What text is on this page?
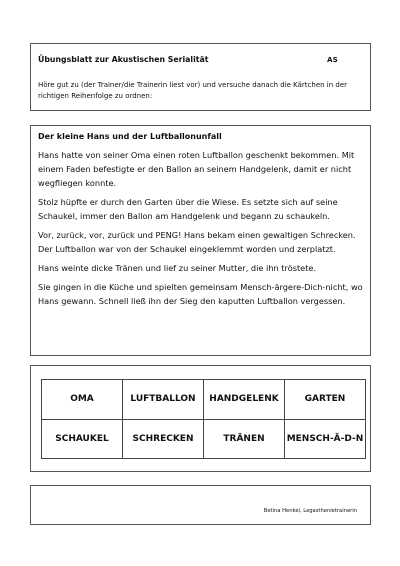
Übungsblatt zur Akustischen Serialität	AS
Höre gut zu (der Trainer/die Trainerin liest vor) und versuche danach die Kärtchen in der richtigen Reihenfolge zu ordnen:
Der kleine Hans und der Luftballonunfall

Hans hatte von seiner Oma einen roten Luftballon geschenkt bekommen. Mit einem Faden befestigte er den Ballon an seinem Handgelenk, damit er nicht wegfliegen konnte.

Stolz hüpfte er durch den Garten über die Wiese. Es setzte sich auf seine Schaukel, immer den Ballon am Handgelenk und begann zu schaukeln.

Vor, zurück, vor, zurück und PENG! Hans bekam einen gewaltigen Schrecken. Der Luftballon war von der Schaukel eingeklemmt worden und zerplatzt.

Hans weinte dicke Tränen und lief zu seiner Mutter, die ihn tröstete.

Sie gingen in die Küche und spielten gemeinsam Mensch-ärgere-Dich-nicht, wo Hans gewann. Schnell ließ ihn der Sieg den kaputten Luftballon vergessen.

OMA	LUFTBALLON	HANDGELENK	GARTEN
SCHAUKEL	SCHRECKEN	TRÄNEN	MENSCH-Ä-D-N
Betina Henkel, Legasthenietrainerin
